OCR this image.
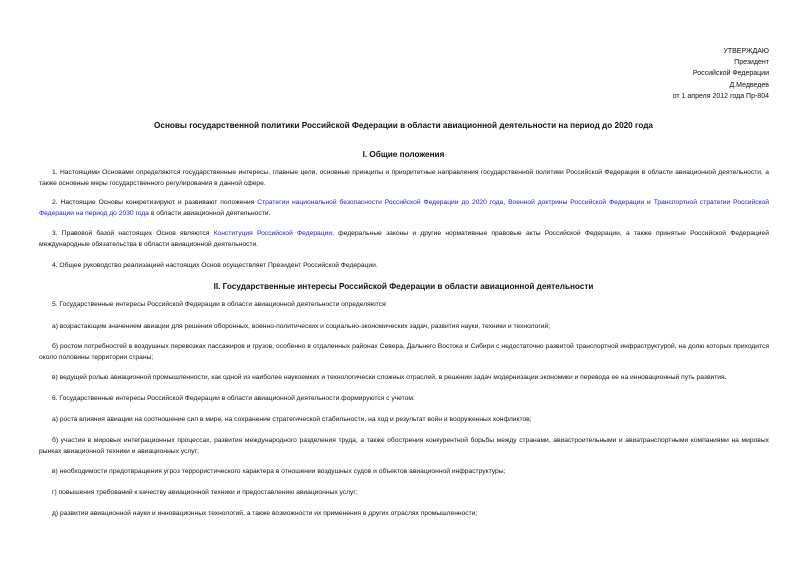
УТВЕРЖДАЮ
Президент
Российской Федерации
Д.Медведев
от 1 апреля 2012 года Пр-804
Основы государственной политики Российской Федерации в области авиационной деятельности на период до 2020 года
I. Общие положения
1. Настоящими Основами определяются государственные интересы, главные цели, основные принципы и приоритетные направления государственной политики Российской Федерации в области авиационной деятельности, а также основные меры государственного регулирования в данной сфере.
2. Настоящие Основы конкретизируют и развивают положения Стратегии национальной безопасности Российской Федерации до 2020 года, Военной доктрины Российской Федерации и Транспортной стратегии Российской Федерации на период до 2030 года в области авиационной деятельности.
3. Правовой базой настоящих Основ являются Конституция Российской Федерации, федеральные законы и другие нормативные правовые акты Российской Федерации, а также принятые Российской Федерацией международные обязательства в области авиационной деятельности.
4. Общее руководство реализацией настоящих Основ осуществляет Президент Российской Федерации.
II. Государственные интересы Российской Федерации в области авиационной деятельности
5. Государственные интересы Российской Федерации в области авиационной деятельности определяются:
а) возрастающим значением авиации для решения оборонных, военно-политических и социально-экономических задач, развития науки, техники и технологий;
б) ростом потребностей в воздушных перевозках пассажиров и грузов, особенно в отдаленных районах Севера, Дальнего Востока и Сибири с недостаточно развитой транспортной инфраструктурой, на долю которых приходится около половины территории страны;
в) ведущей ролью авиационной промышленности, как одной из наиболее наукоемких и технологически сложных отраслей, в решении задач модернизации экономики и перевода ее на инновационный путь развития.
6. Государственные интересы Российской Федерации в области авиационной деятельности формируются с учетом:
а) роста влияния авиации на соотношение сил в мире, на сохранение стратегической стабильности, на ход и результат войн и вооруженных конфликтов;
б) участия в мировых интеграционных процессах, развития международного разделения труда, а также обострения конкурентной борьбы между странами, авиастроительными и авиатранспортными компаниями на мировых рынках авиационной техники и авиационных услуг;
в) необходимости предотвращения угроз террористического характера в отношении воздушных судов и объектов авиационной инфраструктуры;
г) повышения требований к качеству авиационной техники и предоставлению авиационных услуг;
д) развития авиационной науки и инновационных технологий, а также возможности их применения в других отраслях промышленности;
